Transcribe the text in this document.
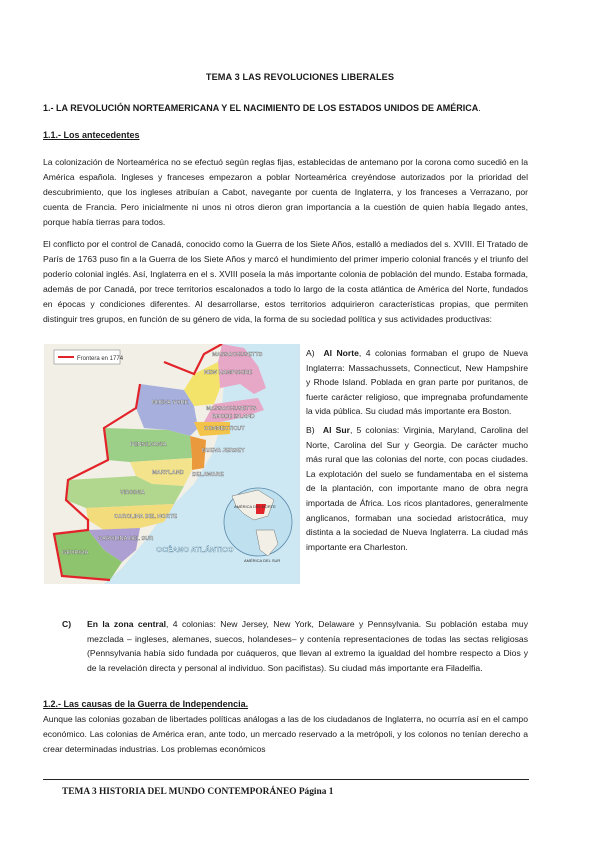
TEMA 3 LAS REVOLUCIONES LIBERALES

1.- LA REVOLUCIÓN NORTEAMERICANA Y EL NACIMIENTO DE LOS ESTADOS UNIDOS DE AMÉRICA.

1.1.- Los antecedentes

La colonización de Norteamérica no se efectuó según reglas fijas, establecidas de antemano por la corona como sucedió en la América española. Ingleses y franceses empezaron a poblar Norteamérica creyéndose autorizados por la prioridad del descubrimiento, que los ingleses atribuían a Cabot, navegante por cuenta de Inglaterra, y los franceses a Verrazano, por cuenta de Francia. Pero inicialmente ni unos ni otros dieron gran importancia a la cuestión de quien había llegado antes, porque había tierras para todos.

El conflicto por el control de Canadá, conocido como la Guerra de los Siete Años, estalló a mediados del s. XVIII. El Tratado de París de 1763 puso fin a la Guerra de los Siete Años y marcó el hundimiento del primer imperio colonial francés y el triunfo del poderío colonial inglés. Así, Inglaterra en el s. XVIII poseía la más importante colonia de población del mundo. Estaba formada, además de por Canadá, por trece territorios escalonados a todo lo largo de la costa atlántica de América del Norte, fundados en épocas y condiciones diferentes. Al desarrollarse, estos territorios adquirieron características propias, que permiten distinguir tres grupos, en función de su género de vida, la forma de su sociedad política y sus actividades productivas:

Frontera en 1774
MASSACHUSETTS
NEW HAMPSHIRE
NUEVA YORK
MASSACHUSETTS
RHODE ISLAND
PENSILVANIA
CONNECTICUT
NUEVA JERSEY
MARYLAND DELAWARE
VIRGINIA
CAROLINA DEL NORTE
CAROLINA DEL SUR
GEORGIA	OCÉANO ATLÁNTICO
AMÉRICA DEL NORTE
AMÉRICA DEL SUR
A) Al Norte, 4 colonias formaban el grupo de Nueva Inglaterra: Massachussets, Connecticut, New Hampshire y Rhode Island. Poblada en gran parte por puritanos, de fuerte carácter religioso, que impregnaba profundamente la vida pública. Su ciudad más importante era Boston.
B) Al Sur, 5 colonias: Virginia, Maryland, Carolina del Norte, Carolina del Sur y Georgia. De carácter mucho más rural que las colonias del norte, con pocas ciudades. La explotación del suelo se fundamentaba en el sistema de la plantación, con importante mano de obra negra importada de África. Los ricos plantadores, generalmente anglicanos, formaban una sociedad aristocrática, muy distinta a la sociedad de Nueva Inglaterra. La ciudad más importante era Charleston.
C) En la zona central, 4 colonias: New Jersey, New York, Delaware y Pennsylvania. Su población estaba muy mezclada – ingleses, alemanes, suecos, holandeses– y contenía representaciones de todas las sectas religiosas (Pennsylvania había sido fundada por cuáqueros, que llevan al extremo la igualdad del hombre respecto a Dios y de la revelación directa y personal al individuo. Son pacifistas). Su ciudad más importante era Filadelfia.

1.2.- Las causas de la Guerra de Independencia.

Aunque las colonias gozaban de libertades políticas análogas a las de los ciudadanos de Inglaterra, no ocurría así en el campo económico. Las colonias de América eran, ante todo, un mercado reservado a la metrópoli, y los colonos no tenían derecho a crear determinadas industrias. Los problemas económicos

TEMA 3 HISTORIA DEL MUNDO CONTEMPORÁNEO Página 1
